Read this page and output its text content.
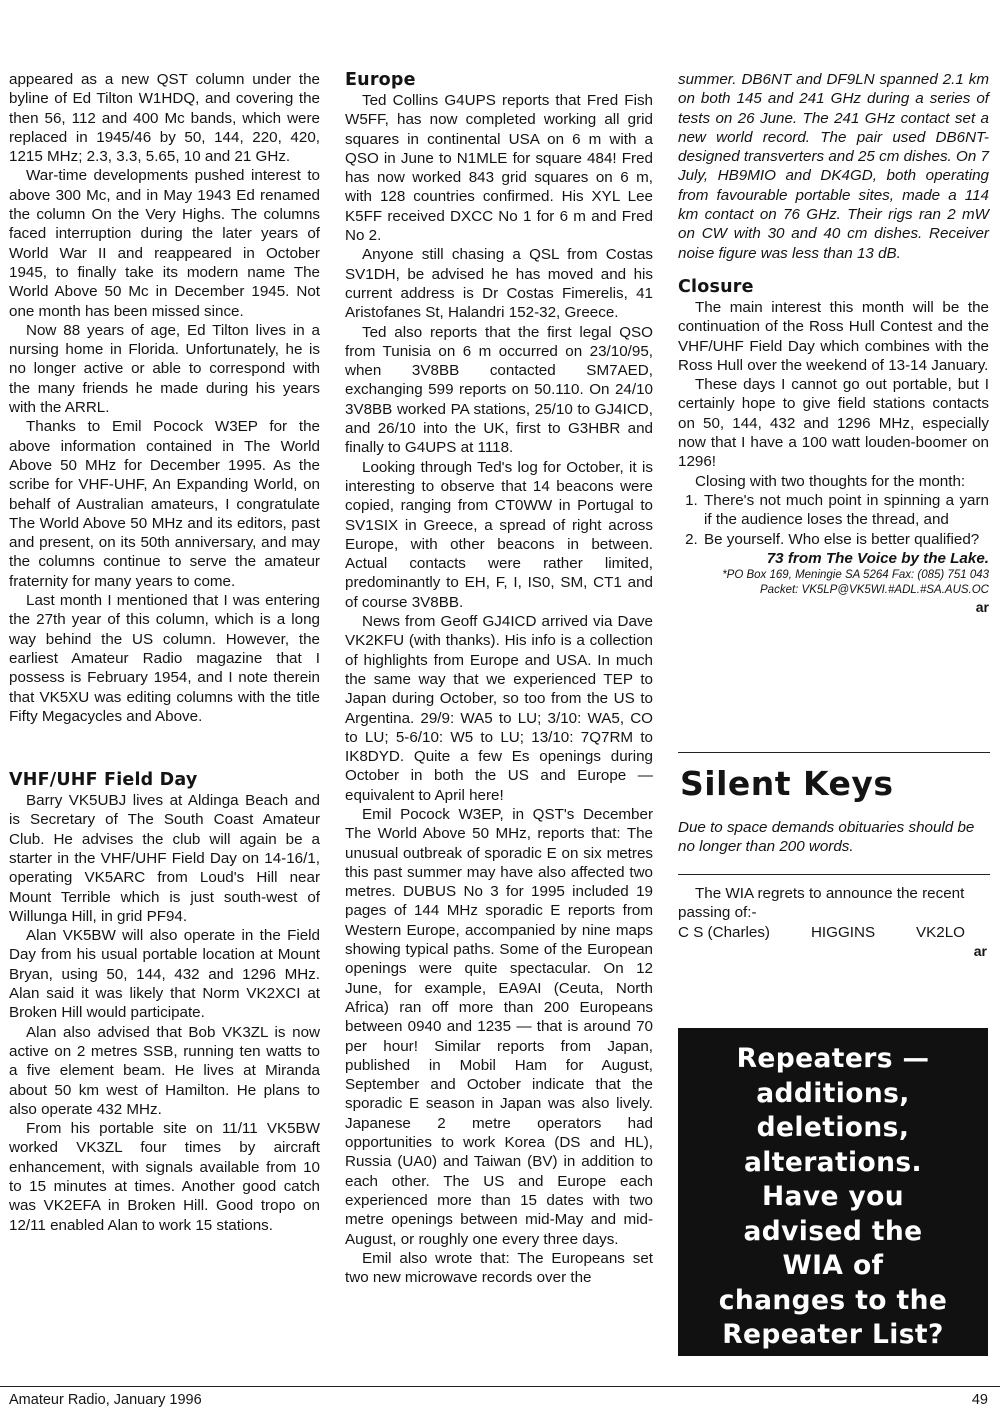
appeared as a new QST column under the byline of Ed Tilton W1HDQ, and covering the then 56, 112 and 400 Mc bands, which were replaced in 1945/46 by 50, 144, 220, 420, 1215 MHz; 2.3, 3.3, 5.65, 10 and 21 GHz.

War-time developments pushed interest to above 300 Mc, and in May 1943 Ed renamed the column On the Very Highs. The columns faced interruption during the later years of World War II and reappeared in October 1945, to finally take its modern name The World Above 50 Mc in December 1945. Not one month has been missed since.

Now 88 years of age, Ed Tilton lives in a nursing home in Florida. Unfortunately, he is no longer active or able to correspond with the many friends he made during his years with the ARRL.

Thanks to Emil Pocock W3EP for the above information contained in The World Above 50 MHz for December 1995. As the scribe for VHF-UHF, An Expanding World, on behalf of Australian amateurs, I congratulate The World Above 50 MHz and its editors, past and present, on its 50th anniversary, and may the columns continue to serve the amateur fraternity for many years to come.

Last month I mentioned that I was entering the 27th year of this column, which is a long way behind the US column. However, the earliest Amateur Radio magazine that I possess is February 1954, and I note therein that VK5XU was editing columns with the title Fifty Megacycles and Above.

VHF/UHF Field Day

Barry VK5UBJ lives at Aldinga Beach and is Secretary of The South Coast Amateur Club. He advises the club will again be a starter in the VHF/UHF Field Day on 14-16/1, operating VK5ARC from Loud's Hill near Mount Terrible which is just south-west of Willunga Hill, in grid PF94.

Alan VK5BW will also operate in the Field Day from his usual portable location at Mount Bryan, using 50, 144, 432 and 1296 MHz. Alan said it was likely that Norm VK2XCI at Broken Hill would participate.

Alan also advised that Bob VK3ZL is now active on 2 metres SSB, running ten watts to a five element beam. He lives at Miranda about 50 km west of Hamilton. He plans to also operate 432 MHz.

From his portable site on 11/11 VK5BW worked VK3ZL four times by aircraft enhancement, with signals available from 10 to 15 minutes at times. Another good catch was VK2EFA in Broken Hill. Good tropo on 12/11 enabled Alan to work 15 stations.

Europe

Ted Collins G4UPS reports that Fred Fish W5FF, has now completed working all grid squares in continental USA on 6 m with a QSO in June to N1MLE for square 484! Fred has now worked 843 grid squares on 6 m, with 128 countries confirmed. His XYL Lee K5FF received DXCC No 1 for 6 m and Fred No 2.

Anyone still chasing a QSL from Costas SV1DH, be advised he has moved and his current address is Dr Costas Fimerelis, 41 Aristofanes St, Halandri 152-32, Greece.

Ted also reports that the first legal QSO from Tunisia on 6 m occurred on 23/10/95, when 3V8BB contacted SM7AED, exchanging 599 reports on 50.110. On 24/10 3V8BB worked PA stations, 25/10 to GJ4ICD, and 26/10 into the UK, first to G3HBR and finally to G4UPS at 1118.

Looking through Ted's log for October, it is interesting to observe that 14 beacons were copied, ranging from CT0WW in Portugal to SV1SIX in Greece, a spread of right across Europe, with other beacons in between. Actual contacts were rather limited, predominantly to EH, F, I, IS0, SM, CT1 and of course 3V8BB.

News from Geoff GJ4ICD arrived via Dave VK2KFU (with thanks). His info is a collection of highlights from Europe and USA. In much the same way that we experienced TEP to Japan during October, so too from the US to Argentina. 29/9: WA5 to LU; 3/10: WA5, CO to LU; 5-6/10: W5 to LU; 13/10: 7Q7RM to IK8DYD. Quite a few Es openings during October in both the US and Europe — equivalent to April here!

Emil Pocock W3EP, in QST's December The World Above 50 MHz, reports that: The unusual outbreak of sporadic E on six metres this past summer may have also affected two metres. DUBUS No 3 for 1995 included 19 pages of 144 MHz sporadic E reports from Western Europe, accompanied by nine maps showing typical paths. Some of the European openings were quite spectacular. On 12 June, for example, EA9AI (Ceuta, North Africa) ran off more than 200 Europeans between 0940 and 1235 — that is around 70 per hour! Similar reports from Japan, published in Mobil Ham for August, September and October indicate that the sporadic E season in Japan was also lively. Japanese 2 metre operators had opportunities to work Korea (DS and HL), Russia (UA0) and Taiwan (BV) in addition to each other. The US and Europe each experienced more than 15 dates with two metre openings between mid-May and mid-August, or roughly one every three days.

Emil also wrote that: The Europeans set two new microwave records over the

summer. DB6NT and DF9LN spanned 2.1 km on both 145 and 241 GHz during a series of tests on 26 June. The 241 GHz contact set a new world record. The pair used DB6NT-designed transverters and 25 cm dishes. On 7 July, HB9MIO and DK4GD, both operating from favourable portable sites, made a 114 km contact on 76 GHz. Their rigs ran 2 mW on CW with 30 and 40 cm dishes. Receiver noise figure was less than 13 dB.

Closure

The main interest this month will be the continuation of the Ross Hull Contest and the VHF/UHF Field Day which combines with the Ross Hull over the weekend of 13-14 January.

These days I cannot go out portable, but I certainly hope to give field stations contacts on 50, 144, 432 and 1296 MHz, especially now that I have a 100 watt louden-boomer on 1296!

Closing with two thoughts for the month:

1. There's not much point in spinning a yarn if the audience loses the thread, and
2. Be yourself. Who else is better qualified?

73 from The Voice by the Lake.

*PO Box 169, Meningie SA 5264 Fax: (085) 751 043
Packet: VK5LP@VK5WI.#ADL.#SA.AUS.OC
ar
Silent Keys
Due to space demands obituaries should be no longer than 200 words.

The WIA regrets to announce the recent passing of:-

C S (Charles)	HIGGINS	VK2LO
ar
Repeaters —
additions,
deletions,
alterations.
Have you
advised the
WIA of
changes to the
Repeater List?
Amateur Radio, January 1996	49
